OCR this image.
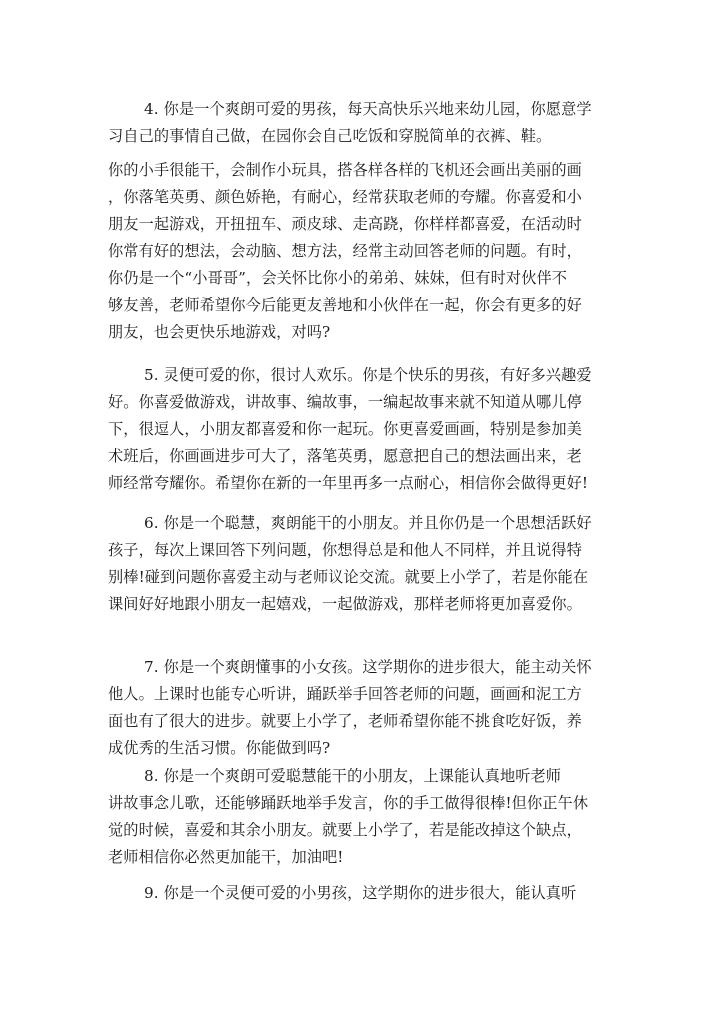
4. 你是一个爽朗可爱的男孩，每天高快乐兴地来幼儿园，你愿意学
习自己的事情自己做，在园你会自己吃饭和穿脱简单的衣裤、鞋。

你的小手很能干，会制作小玩具，搭各样各样的飞机还会画出美丽的画
，你落笔英勇、颜色娇艳，有耐心，经常获取老师的夸耀。你喜爱和小
朋友一起游戏，开扭扭车、顽皮球、走高跷，你样样都喜爱，在活动时
你常有好的想法，会动脑、想方法，经常主动回答老师的问题。有时，
你仍是一个“小哥哥”，会关怀比你小的弟弟、妹妹，但有时对伙伴不
够友善，老师希望你今后能更友善地和小伙伴在一起，你会有更多的好
朋友，也会更快乐地游戏，对吗?

5. 灵便可爱的你，很讨人欢乐。你是个快乐的男孩，有好多兴趣爱
好。你喜爱做游戏，讲故事、编故事，一编起故事来就不知道从哪儿停
下，很逗人，小朋友都喜爱和你一起玩。你更喜爱画画，特别是参加美
术班后，你画画进步可大了，落笔英勇，愿意把自己的想法画出来，老
师经常夸耀你。希望你在新的一年里再多一点耐心，相信你会做得更好!

6. 你是一个聪慧，爽朗能干的小朋友。并且你仍是一个思想活跃好
孩子，每次上课回答下列问题，你想得总是和他人不同样，并且说得特
别棒!碰到问题你喜爱主动与老师议论交流。就要上小学了，若是你能在
课间好好地跟小朋友一起嬉戏，一起做游戏，那样老师将更加喜爱你。

7. 你是一个爽朗懂事的小女孩。这学期你的进步很大，能主动关怀
他人。上课时也能专心听讲，踊跃举手回答老师的问题，画画和泥工方
面也有了很大的进步。就要上小学了，老师希望你能不挑食吃好饭，养
成优秀的生活习惯。你能做到吗?

8. 你是一个爽朗可爱聪慧能干的小朋友，上课能认真地听老师
讲故事念儿歌，还能够踊跃地举手发言，你的手工做得很棒!但你正午休
觉的时候，喜爱和其余小朋友。就要上小学了，若是能改掉这个缺点，
老师相信你必然更加能干，加油吧!

9. 你是一个灵便可爱的小男孩，这学期你的进步很大，能认真听
